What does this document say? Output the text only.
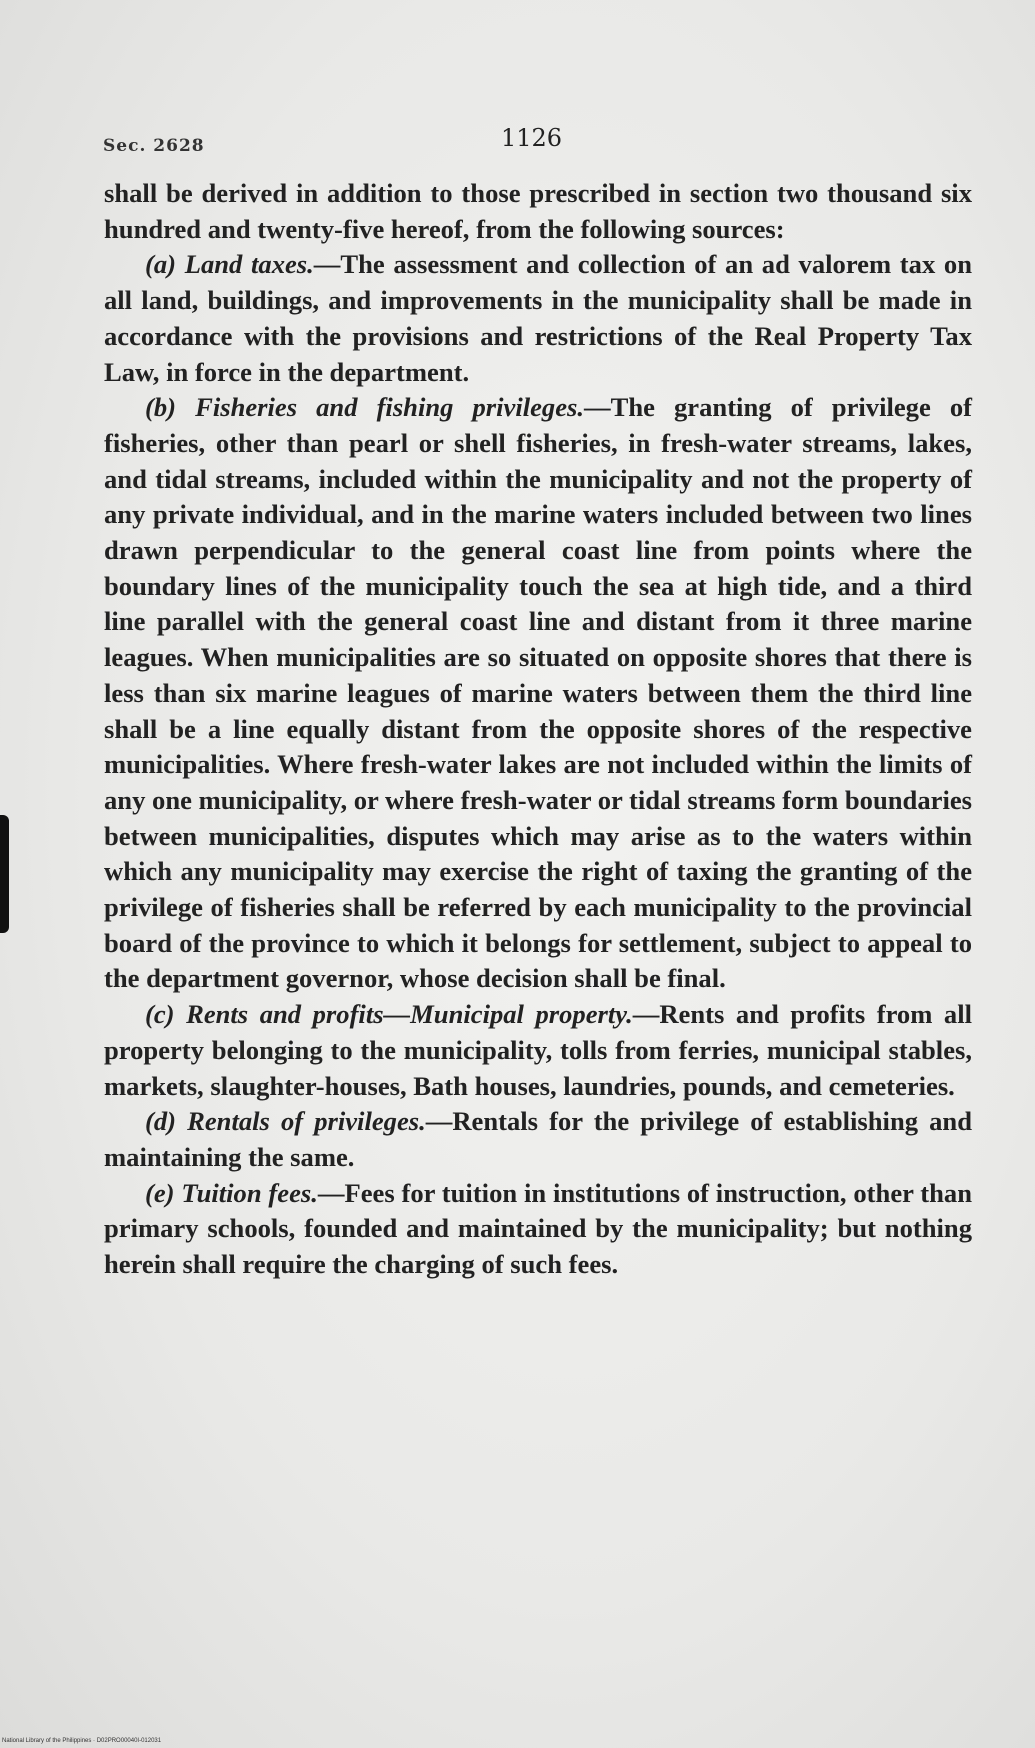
Sec. 2628	1126

shall be derived in addition to those prescribed in section two thousand six hundred and twenty-five hereof, from the following sources:

(a) Land taxes.—The assessment and collection of an ad valorem tax on all land, buildings, and improvements in the municipality shall be made in accordance with the provisions and restrictions of the Real Property Tax Law, in force in the department.

(b) Fisheries and fishing privileges.—The granting of privilege of fisheries, other than pearl or shell fisheries, in fresh-water streams, lakes, and tidal streams, included within the municipality and not the property of any private individual, and in the marine waters included between two lines drawn perpendicular to the general coast line from points where the boundary lines of the municipality touch the sea at high tide, and a third line parallel with the general coast line and distant from it three marine leagues. When municipalities are so situated on opposite shores that there is less than six marine leagues of marine waters between them the third line shall be a line equally distant from the opposite shores of the respective municipalities. Where fresh-water lakes are not included within the limits of any one municipality, or where fresh-water or tidal streams form boundaries between municipalities, disputes which may arise as to the waters within which any municipality may exercise the right of taxing the granting of the privilege of fisheries shall be referred by each municipality to the provincial board of the province to which it belongs for settlement, subject to appeal to the department governor, whose decision shall be final.

(c) Rents and profits—Municipal property.—Rents and profits from all property belonging to the municipality, tolls from ferries, municipal stables, markets, slaughter-houses, Bath houses, laundries, pounds, and cemeteries.

(d) Rentals of privileges.—Rentals for the privilege of establishing and maintaining the same.

(e) Tuition fees.—Fees for tuition in institutions of instruction, other than primary schools, founded and maintained by the municipality; but nothing herein shall require the charging of such fees.

National Library of the Philippines · D02PRO00040I-012031
